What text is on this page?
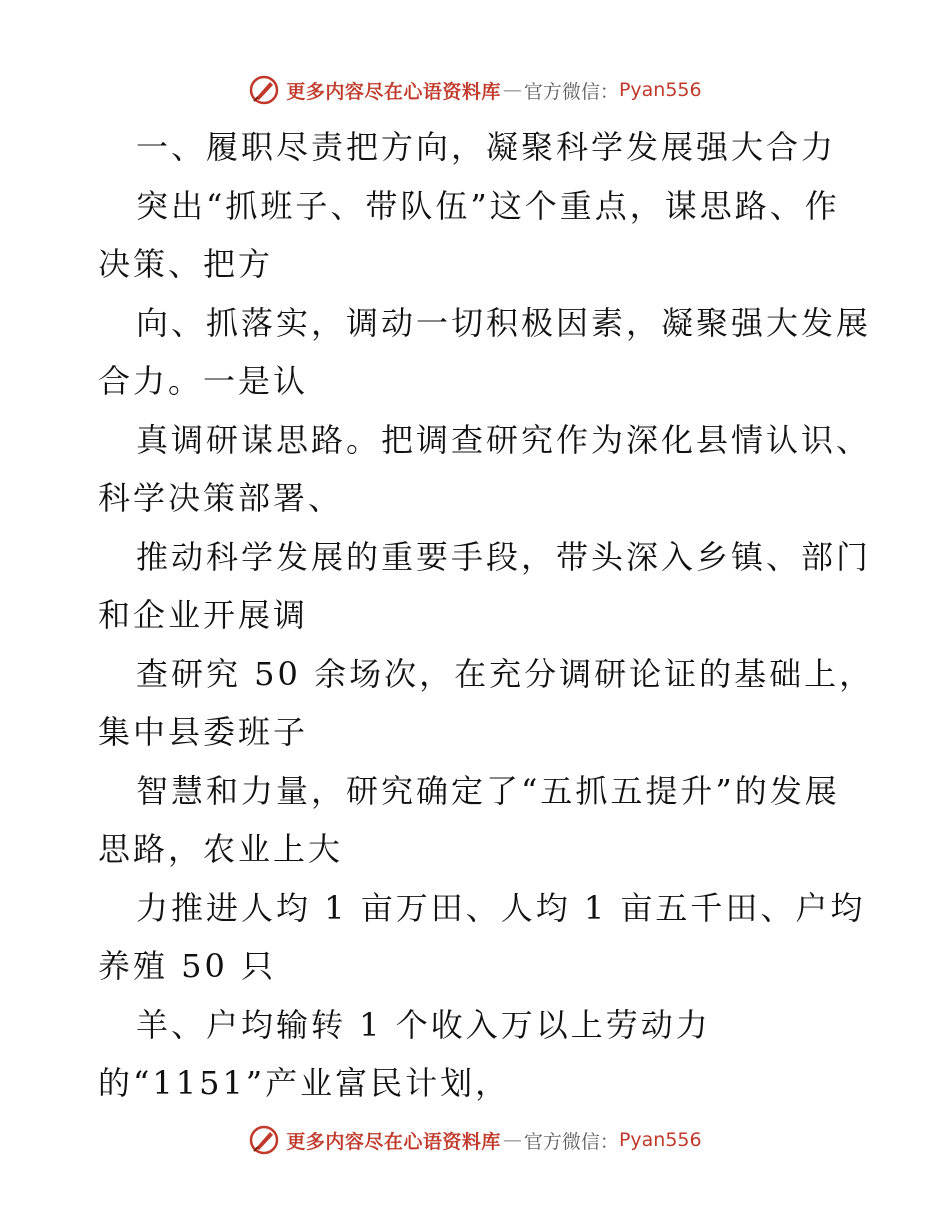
更多内容尽在心语资料库 — 官方微信： Pyan556
一、履职尽责把方向，凝聚科学发展强大合力
突出“抓班子、带队伍”这个重点，谋思路、作
决策、把方
向、抓落实，调动一切积极因素，凝聚强大发展
合力。一是认
真调研谋思路。把调查研究作为深化县情认识、
科学决策部署、
推动科学发展的重要手段，带头深入乡镇、部门
和企业开展调
查研究 50 余场次，在充分调研论证的基础上，
集中县委班子
智慧和力量，研究确定了“五抓五提升”的发展
思路，农业上大
力推进人均 1 亩万田、人均 1 亩五千田、户均
养殖 50 只
羊、户均输转 1 个收入万以上劳动力
的“1151”产业富民计划，
更多内容尽在心语资料库 — 官方微信： Pyan556
